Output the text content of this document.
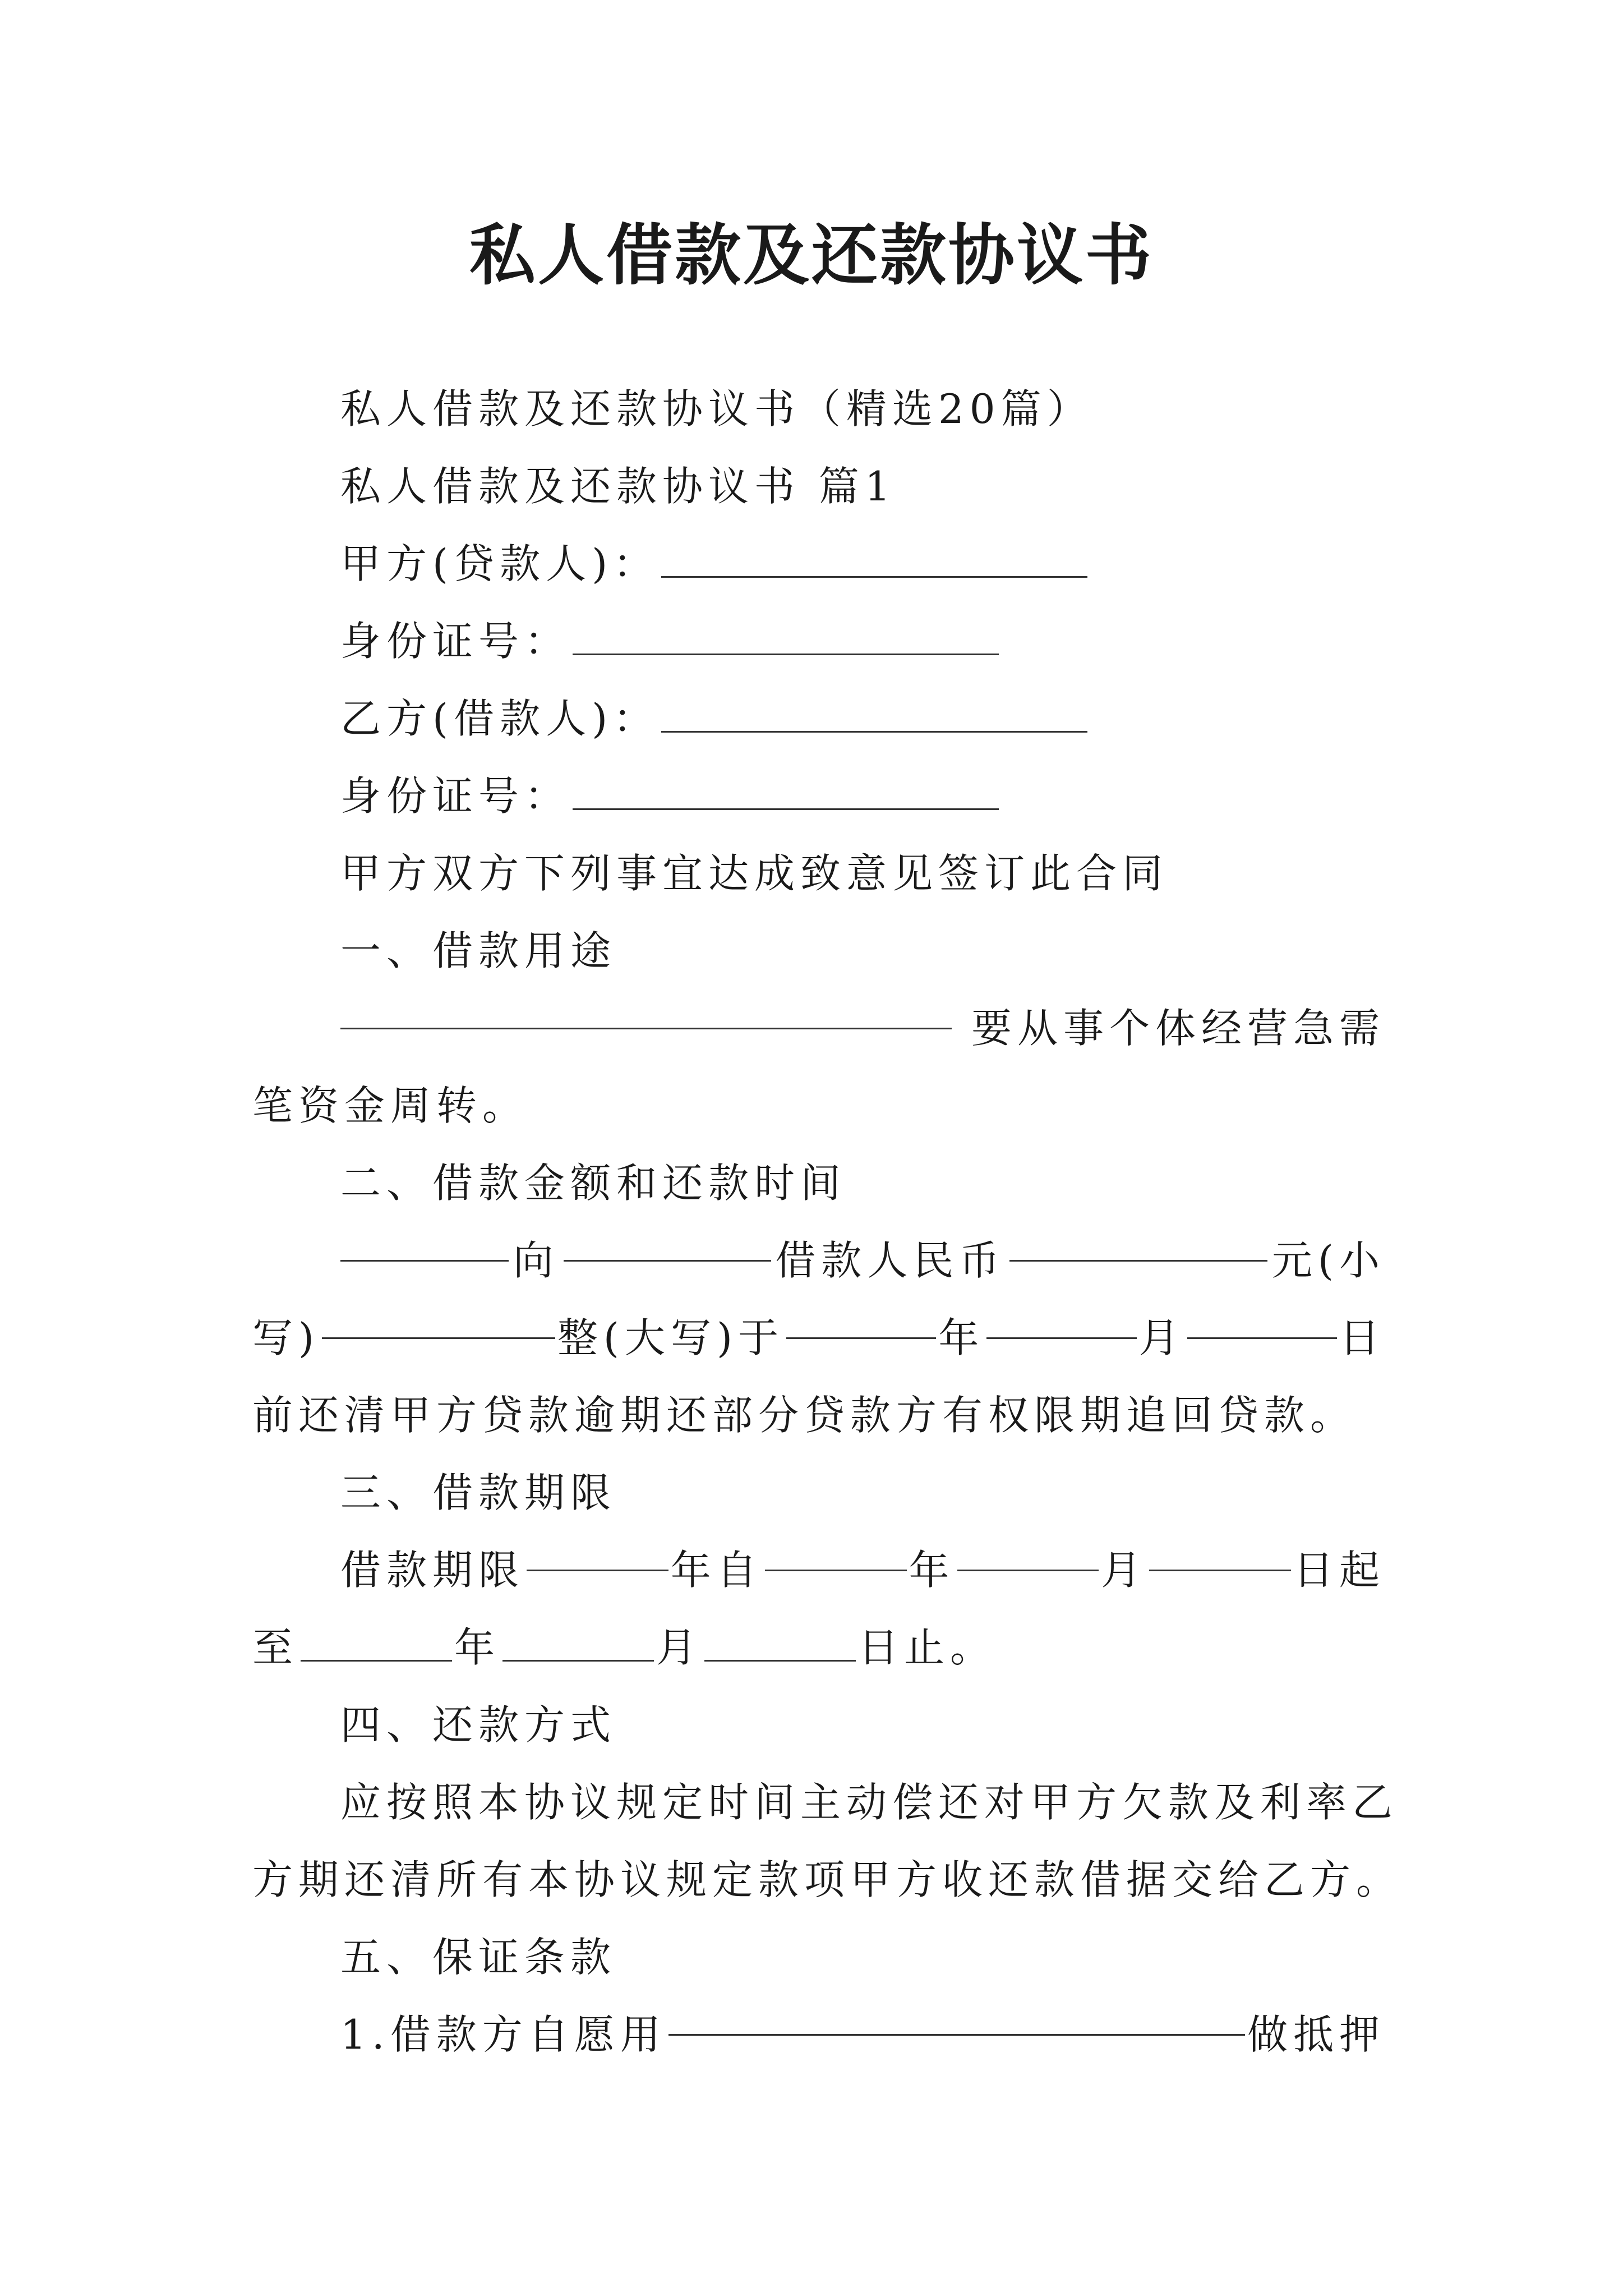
私人借款及还款协议书

私人借款及还款协议书（精选20篇）

私人借款及还款协议书 篇1

甲方(贷款人)：

身份证号：

乙方(借款人)：

身份证号：

甲方双方下列事宜达成致意见签订此合同

一、借款用途

要从事个体经营急需

笔资金周转。

二、借款金额和还款时间

向	借款人民币	元(小
写)	整(大写)于	年	月	日

前还清甲方贷款逾期还部分贷款方有权限期追回贷款。

三、借款期限

借款期限	年自	年	月	日起

至	年	月	日止。

四、还款方式

应按照本协议规定时间主动偿还对甲方欠款及利率乙

方期还清所有本协议规定款项甲方收还款借据交给乙方。

五、保证条款

1.借款方自愿用	做抵押
